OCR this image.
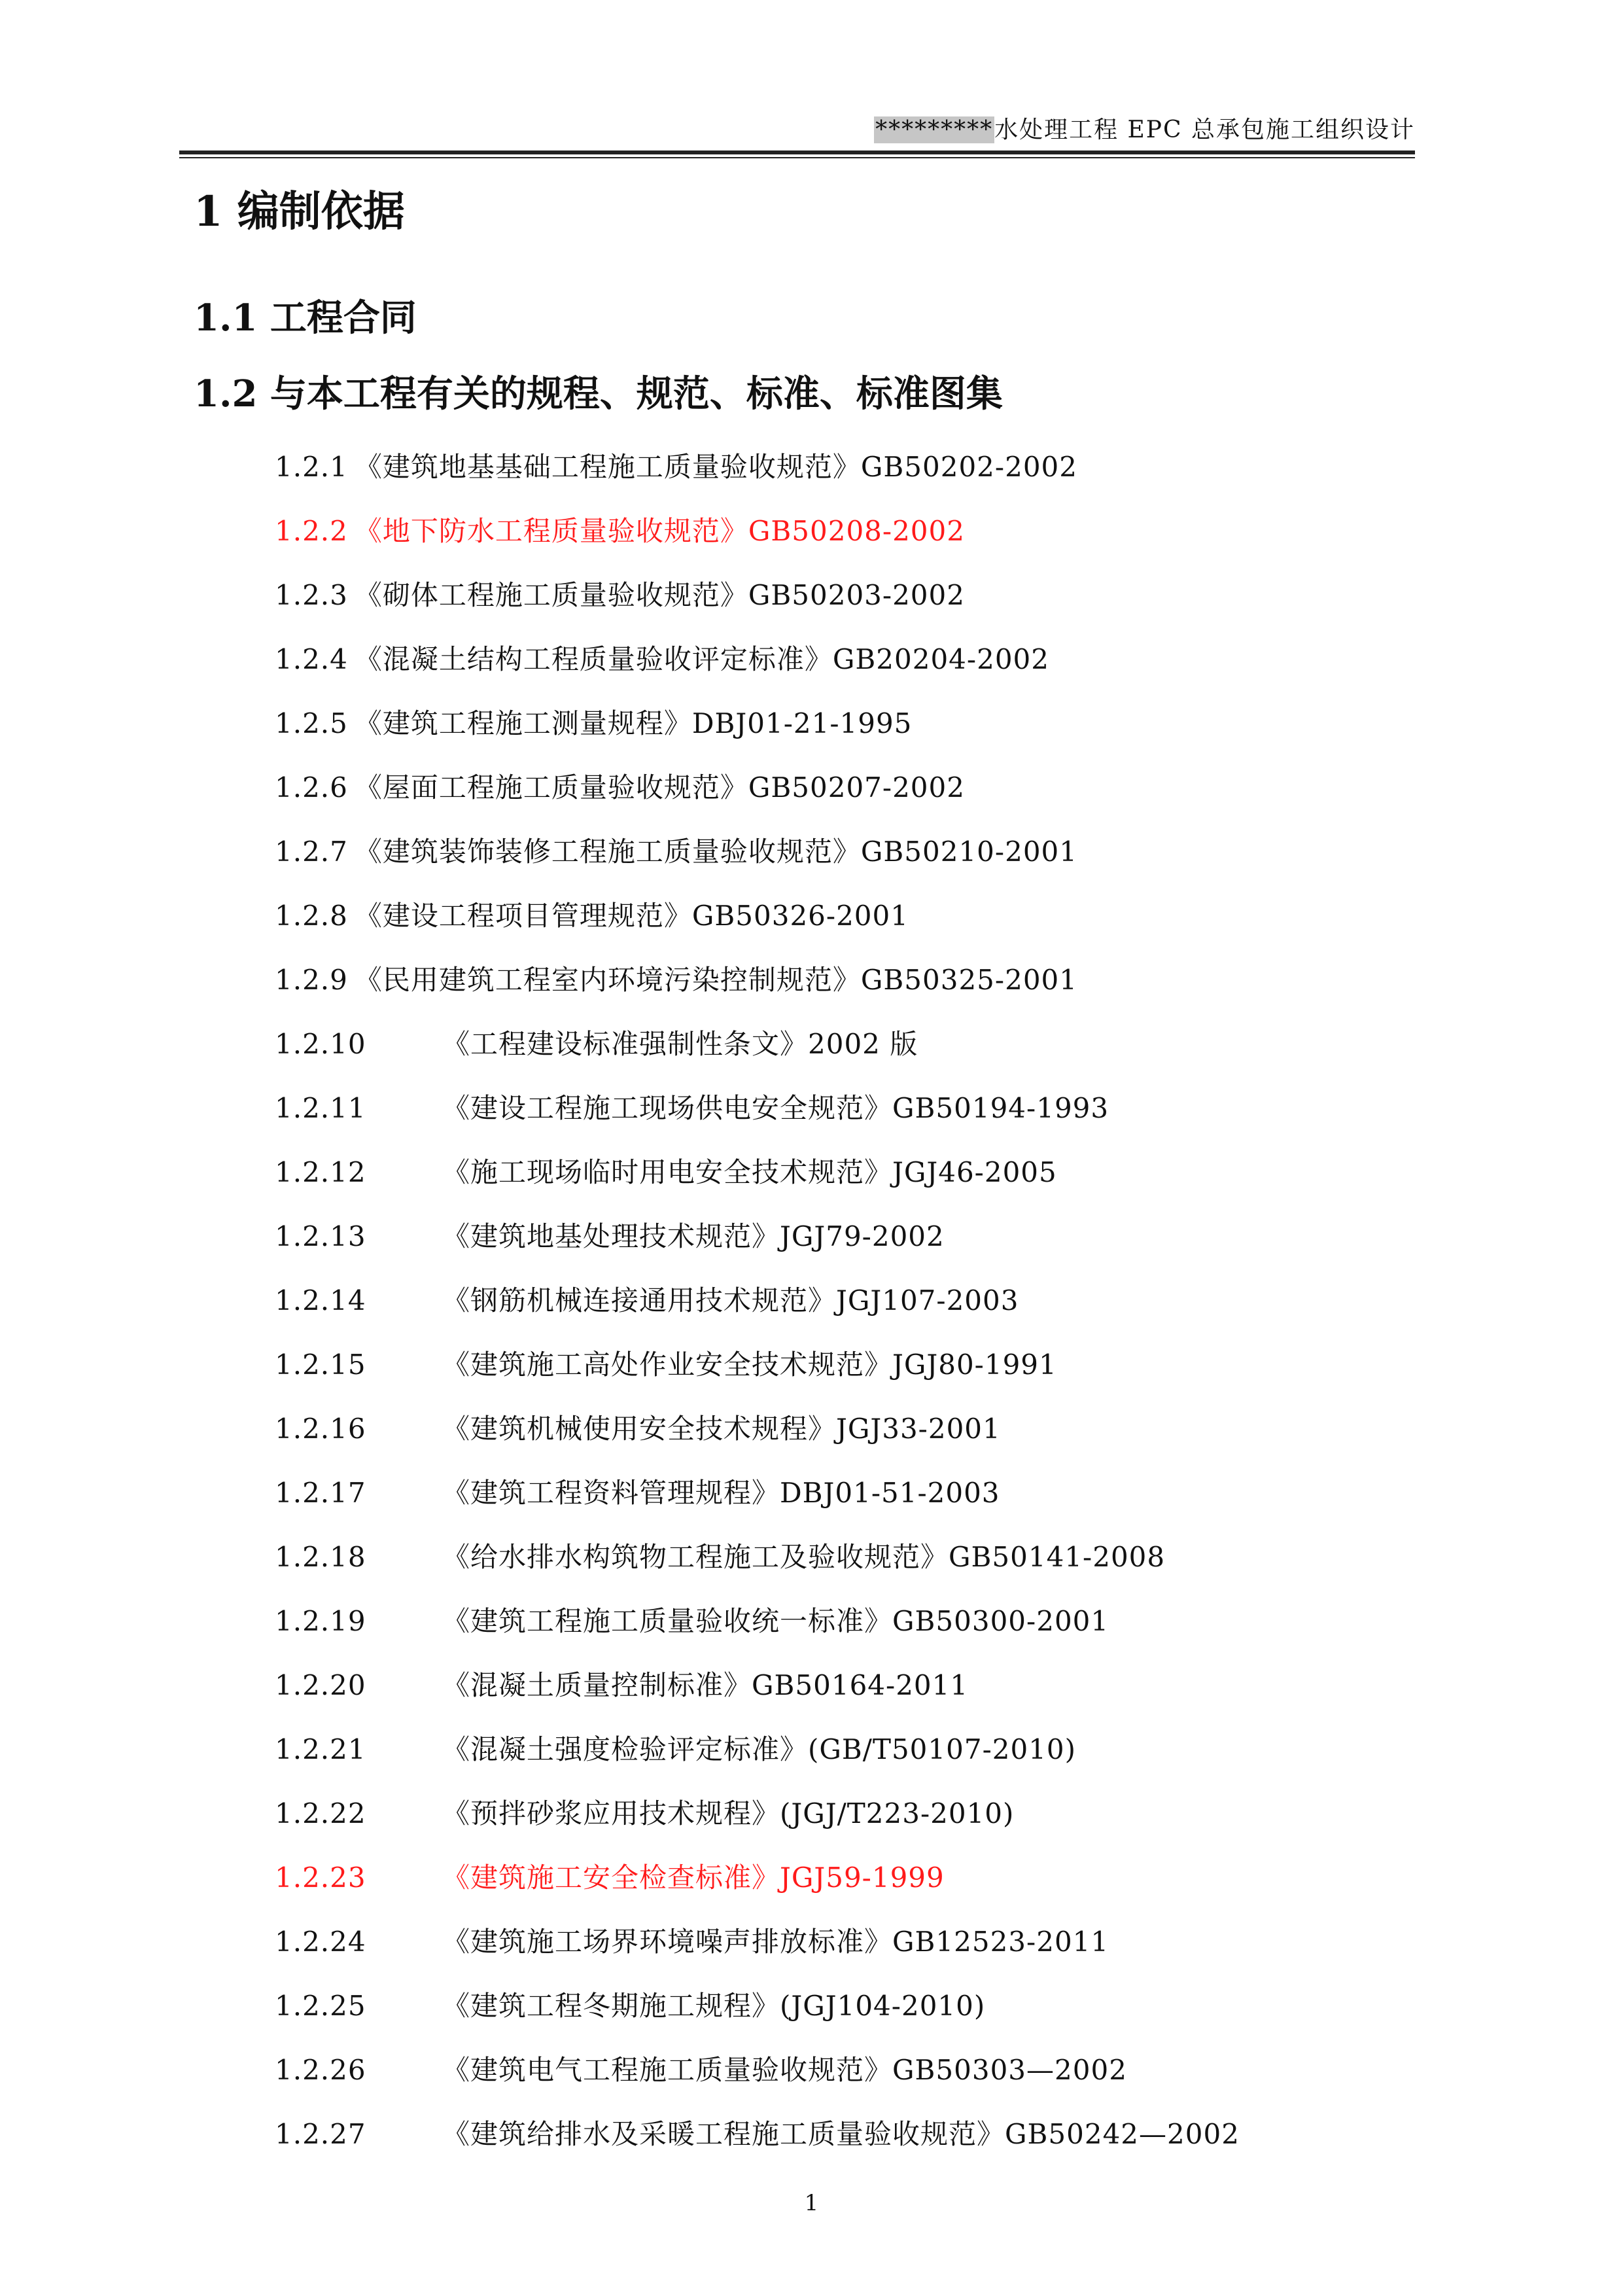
*********水处理工程 EPC 总承包施工组织设计
1 编制依据
1.1 工程合同
1.2 与本工程有关的规程、规范、标准、标准图集
1.2.1 《建筑地基基础工程施工质量验收规范》GB50202-2002
1.2.2 《地下防水工程质量验收规范》GB50208-2002
1.2.3 《砌体工程施工质量验收规范》GB50203-2002
1.2.4 《混凝土结构工程质量验收评定标准》GB20204-2002
1.2.5 《建筑工程施工测量规程》DBJ01-21-1995
1.2.6 《屋面工程施工质量验收规范》GB50207-2002
1.2.7 《建筑装饰装修工程施工质量验收规范》GB50210-2001
1.2.8 《建设工程项目管理规范》GB50326-2001
1.2.9 《民用建筑工程室内环境污染控制规范》GB50325-2001
1.2.10	《工程建设标准强制性条文》2002 版
1.2.11	《建设工程施工现场供电安全规范》GB50194-1993
1.2.12	《施工现场临时用电安全技术规范》JGJ46-2005
1.2.13	《建筑地基处理技术规范》JGJ79-2002
1.2.14	《钢筋机械连接通用技术规范》JGJ107-2003
1.2.15	《建筑施工高处作业安全技术规范》JGJ80-1991
1.2.16	《建筑机械使用安全技术规程》JGJ33-2001
1.2.17	《建筑工程资料管理规程》DBJ01-51-2003
1.2.18	《给水排水构筑物工程施工及验收规范》GB50141-2008
1.2.19	《建筑工程施工质量验收统一标准》GB50300-2001
1.2.20	《混凝土质量控制标准》GB50164-2011
1.2.21	《混凝土强度检验评定标准》(GB/T50107-2010)
1.2.22	《预拌砂浆应用技术规程》(JGJ/T223-2010)
1.2.23	《建筑施工安全检查标准》JGJ59-1999
1.2.24	《建筑施工场界环境噪声排放标准》GB12523-2011
1.2.25	《建筑工程冬期施工规程》(JGJ104-2010)
1.2.26	《建筑电气工程施工质量验收规范》GB50303—2002
1.2.27	《建筑给排水及采暖工程施工质量验收规范》GB50242—2002
1
